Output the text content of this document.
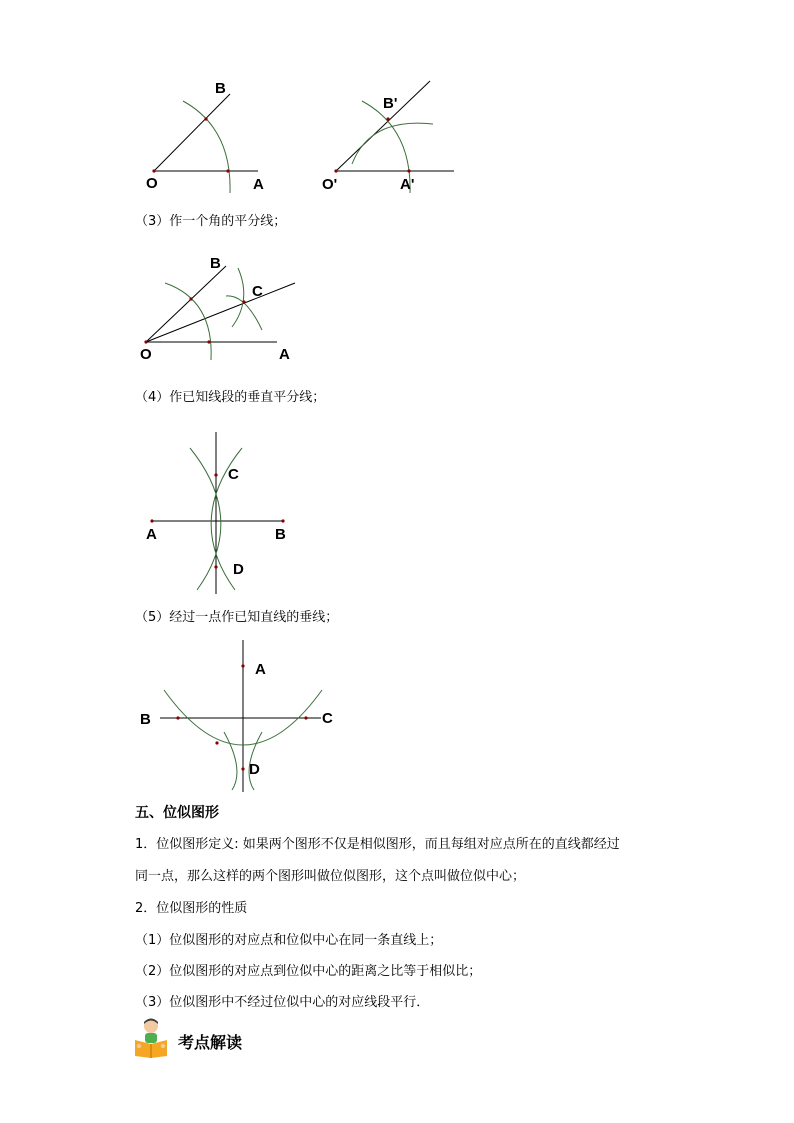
B
O	A
B'
O'	A'
（3）作一个角的平分线；
B
C
O	A
（4）作已知线段的垂直平分线；
C
A	B
D
（5）经过一点作已知直线的垂线；
A
B	C
D
五、位似图形
1．位似图形定义: 如果两个图形不仅是相似图形，而且每组对应点所在的直线都经过
同一点，那么这样的两个图形叫做位似图形，这个点叫做位似中心；
2．位似图形的性质
（1）位似图形的对应点和位似中心在同一条直线上；
（2）位似图形的对应点到位似中心的距离之比等于相似比；
（3）位似图形中不经过位似中心的对应线段平行．
考点解读
